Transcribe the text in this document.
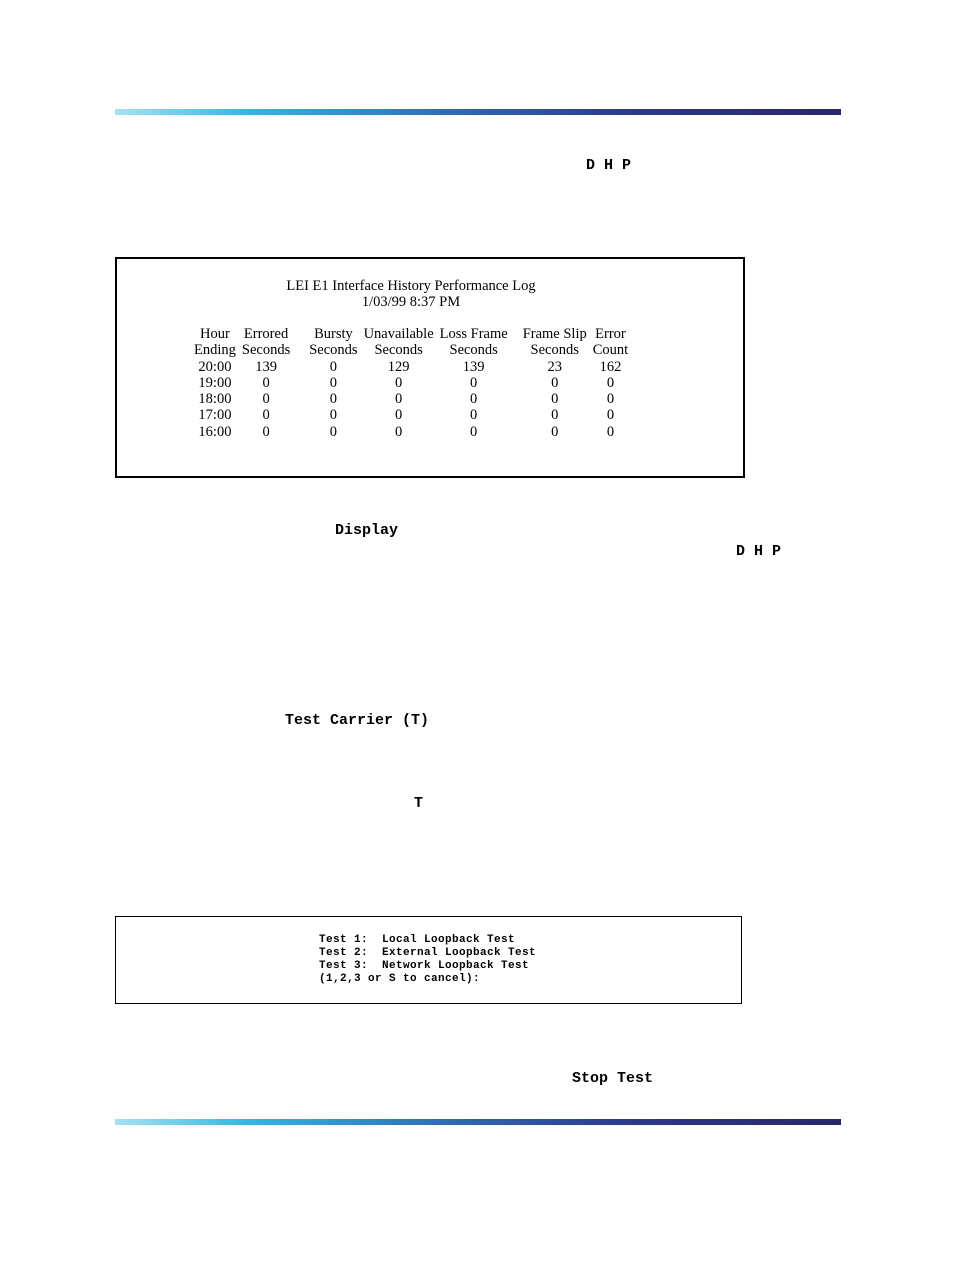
D H P
LEI E1 Interface History Performance Log
1/03/99 8:37 PM
Hour	Errored	Bursty	Unavailable	Loss Frame	Frame Slip	Error
Ending	Seconds	Seconds	Seconds	Seconds	Seconds	Count
20:00	139	0	129	139	23	162
19:00	0	0	0	0	0	0
18:00	0	0	0	0	0	0
17:00	0	0	0	0	0	0
16:00	0	0	0	0	0	0
Display
D H P
Test Carrier (T)
T
Test 1:  Local Loopback Test
Test 2:  External Loopback Test
Test 3:  Network Loopback Test
(1,2,3 or S to cancel):
Stop Test
